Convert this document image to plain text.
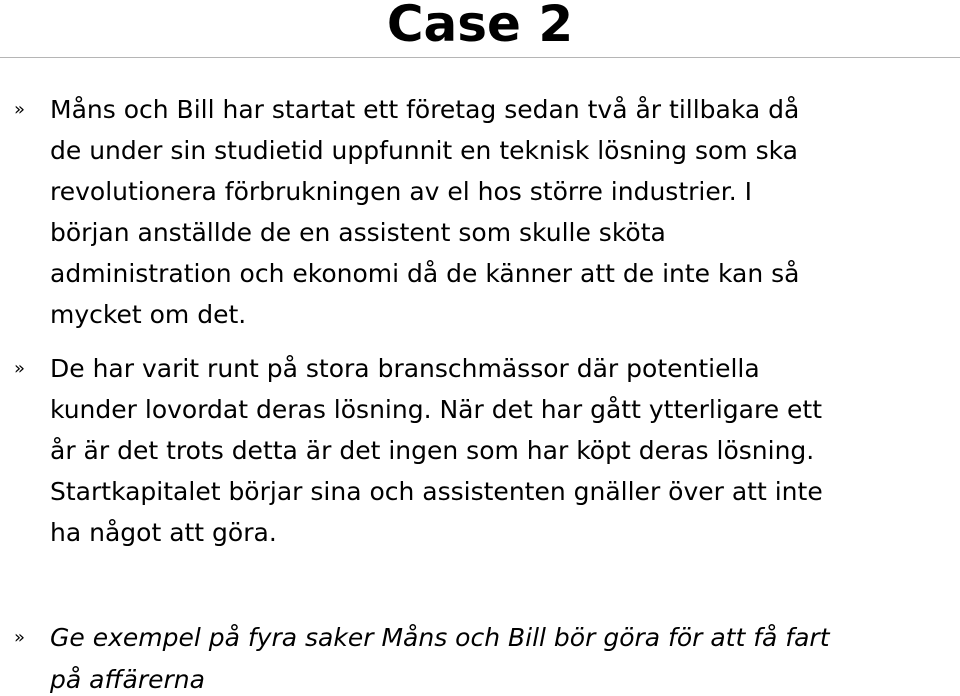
Case 2
» Måns och Bill har startat ett företag sedan två år tillbaka då
de under sin studietid uppfunnit en teknisk lösning som ska
revolutionera förbrukningen av el hos större industrier. I
början anställde de en assistent som skulle sköta
administration och ekonomi då de känner att de inte kan så
mycket om det.

» De har varit runt på stora branschmässor där potentiella
kunder lovordat deras lösning. När det har gått ytterligare ett
år är det trots detta är det ingen som har köpt deras lösning.
Startkapitalet börjar sina och assistenten gnäller över att inte
ha något att göra.

» Ge exempel på fyra saker Måns och Bill bör göra för att få fart
på affärerna
